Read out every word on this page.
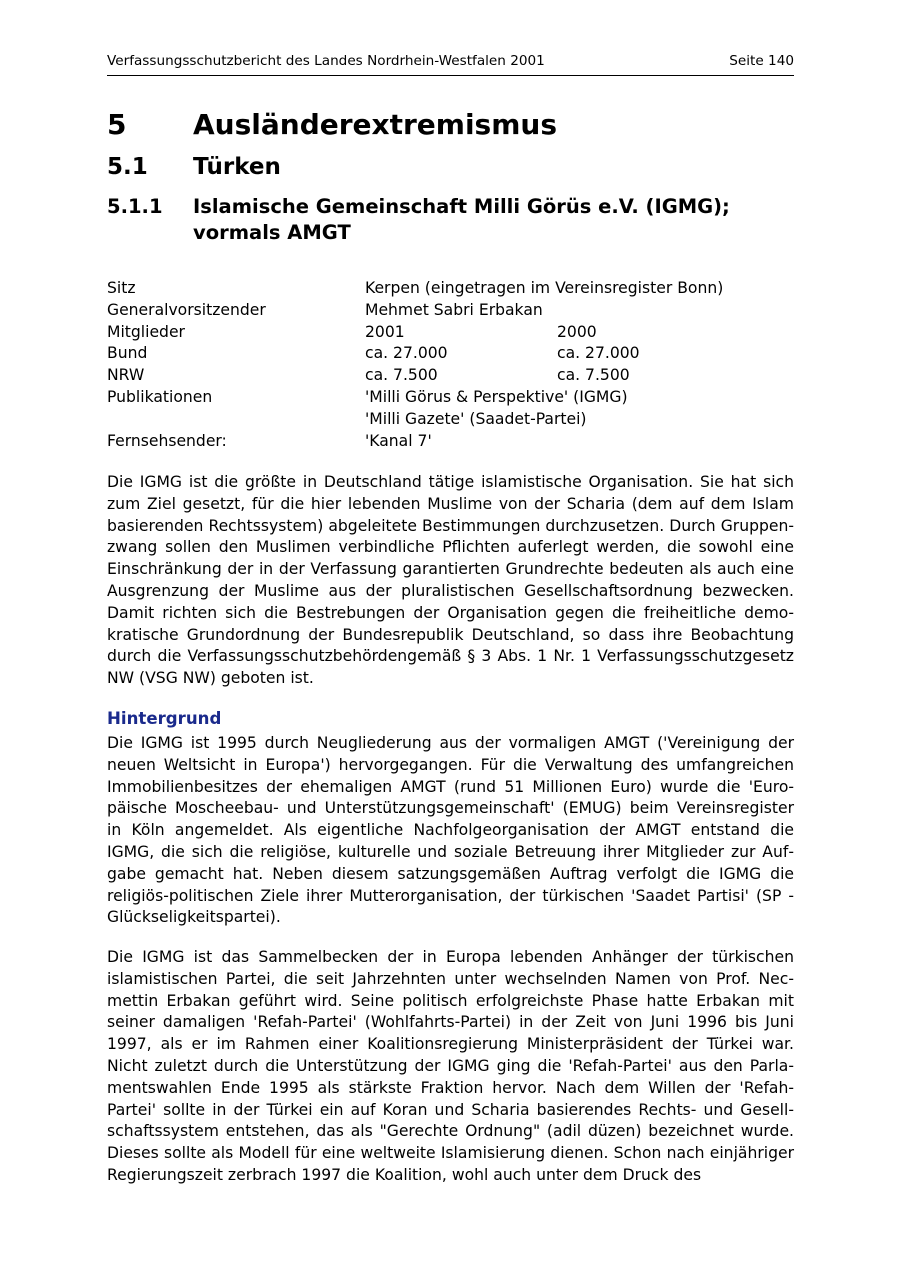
Verfassungsschutzbericht des Landes Nordrhein-Westfalen 2001	Seite 140
5	Ausländerextremismus
5.1	Türken
5.1.1	Islamische Gemeinschaft Milli Görüs e.V. (IGMG); vormals AMGT
Sitz	Kerpen (eingetragen im Vereinsregister Bonn)
Generalvorsitzender	Mehmet Sabri Erbakan
Mitglieder	2001	2000
Bund	ca. 27.000	ca. 27.000
NRW	ca. 7.500	ca. 7.500
Publikationen	'Milli Görus & Perspektive' (IGMG)
'Milli Gazete' (Saadet-Partei)
Fernsehsender:	'Kanal 7'

Die IGMG ist die größte in Deutschland tätige islamistische Organisation. Sie hat sich zum Ziel gesetzt, für die hier lebenden Muslime von der Scharia (dem auf dem Islam basierenden Rechtssystem) abgeleitete Bestimmungen durchzusetzen. Durch Gruppenzwang sollen den Muslimen verbindliche Pflichten auferlegt werden, die sowohl eine Einschränkung der in der Verfassung garantierten Grundrechte bedeuten als auch eine Ausgrenzung der Muslime aus der pluralistischen Gesellschaftsordnung bezwecken. Damit richten sich die Bestrebungen der Organisation gegen die freiheitliche demokratische Grundordnung der Bundesrepublik Deutschland, so dass ihre Beobachtung durch die Verfassungsschutzbehördengemäß § 3 Abs. 1 Nr. 1 Verfassungsschutzgesetz NW (VSG NW) geboten ist.

Hintergrund

Die IGMG ist 1995 durch Neugliederung aus der vormaligen AMGT ('Vereinigung der neuen Weltsicht in Europa') hervorgegangen. Für die Verwaltung des umfangreichen Immobilienbesitzes der ehemaligen AMGT (rund 51 Millionen Euro) wurde die 'Europäische Moscheebau- und Unterstützungsgemeinschaft' (EMUG) beim Vereinsregister in Köln angemeldet. Als eigentliche Nachfolgeorganisation der AMGT entstand die IGMG, die sich die religiöse, kulturelle und soziale Betreuung ihrer Mitglieder zur Aufgabe gemacht hat. Neben diesem satzungsgemäßen Auftrag verfolgt die IGMG die religiös-politischen Ziele ihrer Mutterorganisation, der türkischen 'Saadet Partisi' (SP - Glückseligkeitspartei).

Die IGMG ist das Sammelbecken der in Europa lebenden Anhänger der türkischen islamistischen Partei, die seit Jahrzehnten unter wechselnden Namen von Prof. Necmettin Erbakan geführt wird. Seine politisch erfolgreichste Phase hatte Erbakan mit seiner damaligen 'Refah-Partei' (Wohlfahrts-Partei) in der Zeit von Juni 1996 bis Juni 1997, als er im Rahmen einer Koalitionsregierung Ministerpräsident der Türkei war. Nicht zuletzt durch die Unterstützung der IGMG ging die 'Refah-Partei' aus den Parlamentswahlen Ende 1995 als stärkste Fraktion hervor. Nach dem Willen der 'Refah-Partei' sollte in der Türkei ein auf Koran und Scharia basierendes Rechts- und Gesellschaftssystem entstehen, das als "Gerechte Ordnung" (adil düzen) bezeichnet wurde. Dieses sollte als Modell für eine weltweite Islamisierung dienen. Schon nach einjähriger Regierungszeit zerbrach 1997 die Koalition, wohl auch unter dem Druck des
